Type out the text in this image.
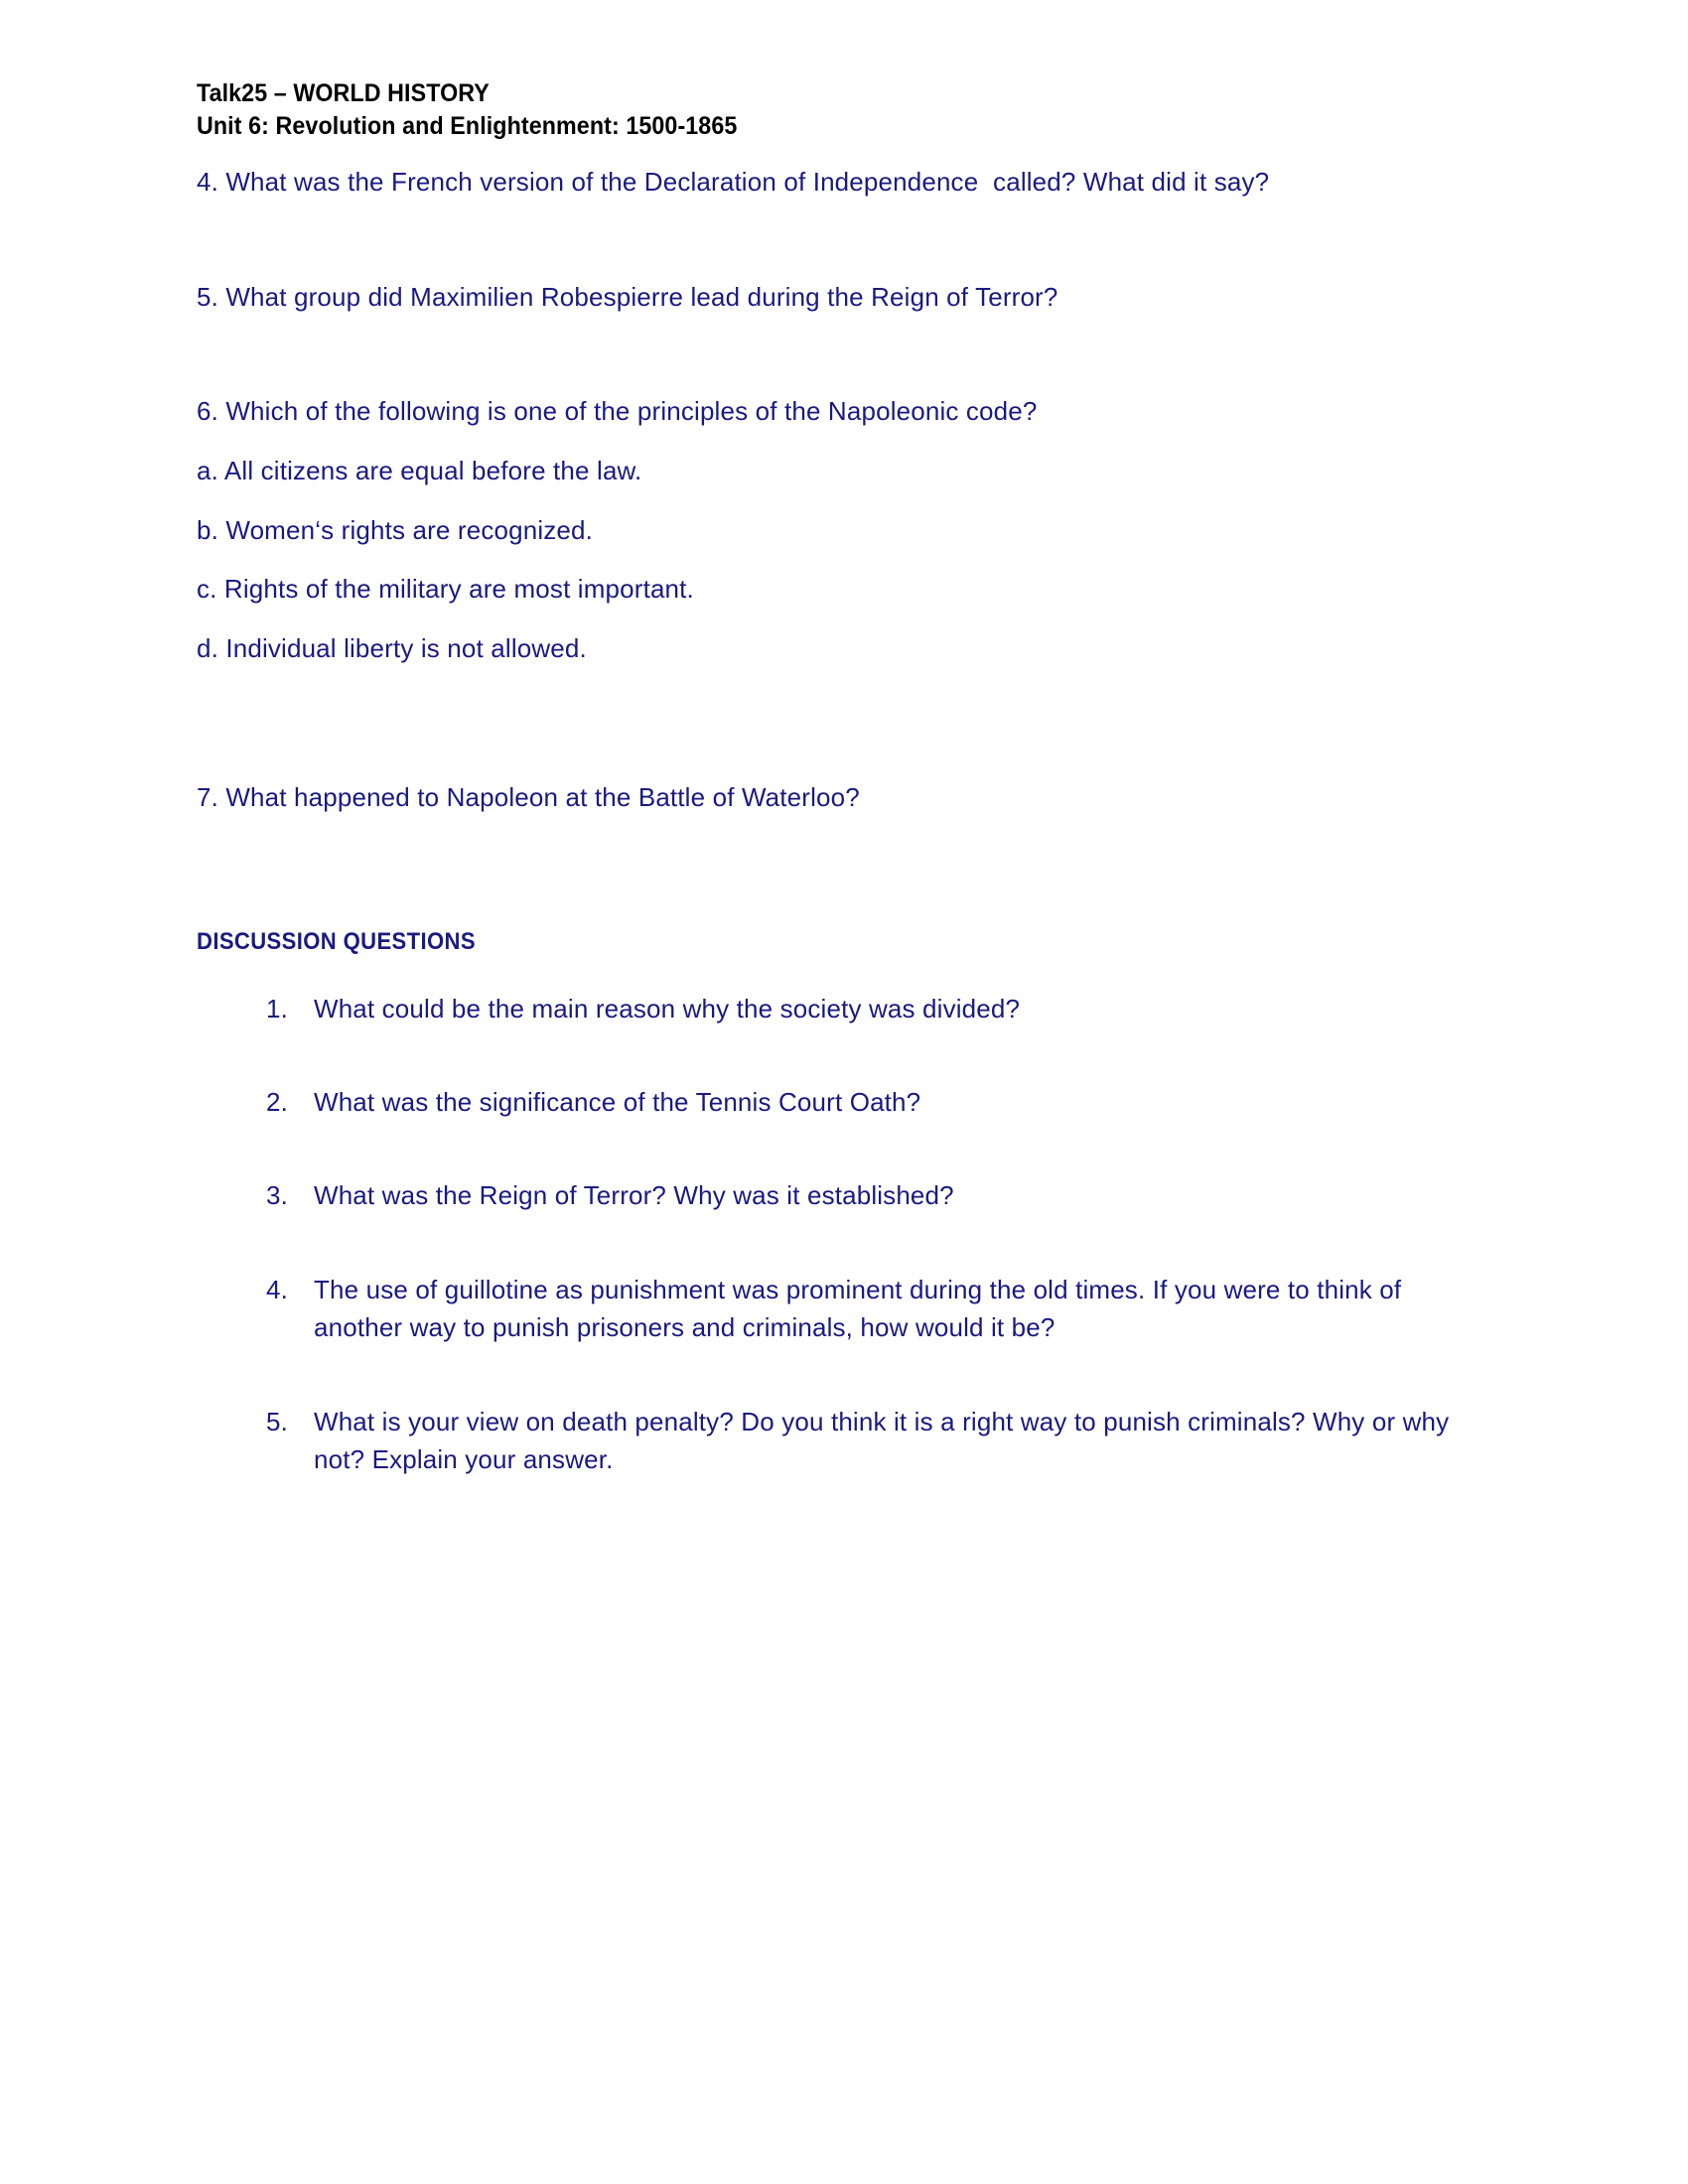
Talk25 – WORLD HISTORY
Unit 6: Revolution and Enlightenment: 1500-1865
4. What was the French version of the Declaration of Independence  called? What did it say?
5. What group did Maximilien Robespierre lead during the Reign of Terror?
6. Which of the following is one of the principles of the Napoleonic code?
a. All citizens are equal before the law.
b. Women‘s rights are recognized.
c. Rights of the military are most important.
d. Individual liberty is not allowed.
7. What happened to Napoleon at the Battle of Waterloo?
DISCUSSION QUESTIONS
1. What could be the main reason why the society was divided?
2. What was the significance of the Tennis Court Oath?
3. What was the Reign of Terror? Why was it established?
4. The use of guillotine as punishment was prominent during the old times. If you were to think of another way to punish prisoners and criminals, how would it be?
5. What is your view on death penalty? Do you think it is a right way to punish criminals? Why or why not? Explain your answer.
